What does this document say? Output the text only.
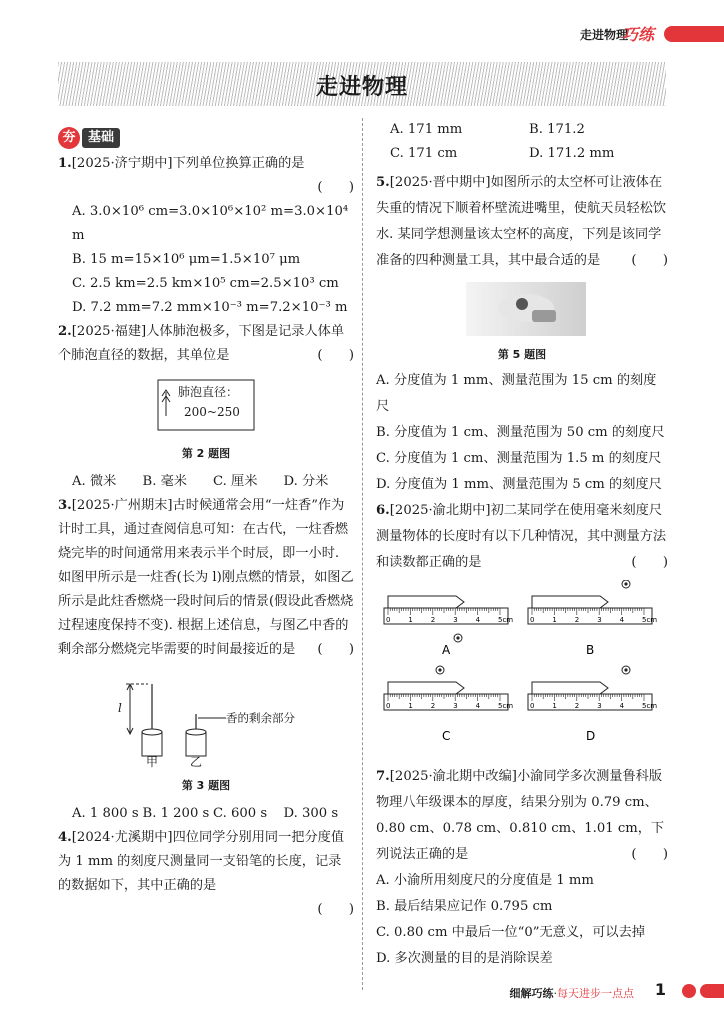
走进物理
巧练
走进物理
夯 基础
1.[2025·济宁期中]下列单位换算正确的是
(　　)
A. 3.0×10⁶ cm=3.0×10⁶×10² m=3.0×10⁴ m
B. 15 m=15×10⁶ μm=1.5×10⁷ μm
C. 2.5 km=2.5 km×10⁵ cm=2.5×10³ cm
D. 7.2 mm=7.2 mm×10⁻³ m=7.2×10⁻³ m
2.[2025·福建]人体肺泡极多，下图是记录人体单个肺泡直径的数据，其单位是	(　　)
肺泡直径：
200~250
第 2 题图
A. 微米	B. 毫米	C. 厘米	D. 分米
3.[2025·广州期末]古时候通常会用“一炷香”作为计时工具，通过查阅信息可知：在古代，一炷香燃烧完毕的时间通常用来表示半个时辰，即一小时. 如图甲所示是一炷香(长为 l)刚点燃的情景，如图乙所示是此炷香燃烧一段时间后的情景(假设此香燃烧过程速度保持不变). 根据上述信息，与图乙中香的剩余部分燃烧完毕需要的时间最接近的是 (　　)
l
香的剩余部分
甲	乙
第 3 题图
A. 1 800 s B. 1 200 s C. 600 s	D. 300 s
4.[2024·尤溪期中]四位同学分别用同一把分度值为 1 mm 的刻度尺测量同一支铅笔的长度，记录的数据如下，其中正确的是
(　　)
A. 171 mm	B. 171.2
C. 171 cm	D. 171.2 mm
5.[2025·晋中期中]如图所示的太空杯可让液体在失重的情况下顺着杯壁流进嘴里，使航天员轻松饮水. 某同学想测量该太空杯的高度，下列是该同学准备的四种测量工具，其中最合适的是 (　　)
第 5 题图
A. 分度值为 1 mm、测量范围为 15 cm 的刻度尺
B. 分度值为 1 cm、测量范围为 50 cm 的刻度尺
C. 分度值为 1 cm、测量范围为 1.5 m 的刻度尺
D. 分度值为 1 mm、测量范围为 5 cm 的刻度尺
6.[2025·渝北期中]初二某同学在使用毫米刻度尺测量物体的长度时有以下几种情况，其中测量方法和读数都正确的是	(　　)
0	1	2	3	4	5cm
A
0	1	2	3	4	5cm
B
0	1	2	3	4	5cm
C
0	1	2	3	4	5cm
D
7.[2025·渝北期中改编]小渝同学多次测量鲁科版物理八年级课本的厚度，结果分别为 0.79 cm、0.80 cm、0.78 cm、0.810 cm、1.01 cm，下列说法正确的是	(　　)
A. 小渝所用刻度尺的分度值是 1 mm
B. 最后结果应记作 0.795 cm
C. 0.80 cm 中最后一位“0”无意义，可以去掉
D. 多次测量的目的是消除误差
细解巧练·每天进步一点点 1
